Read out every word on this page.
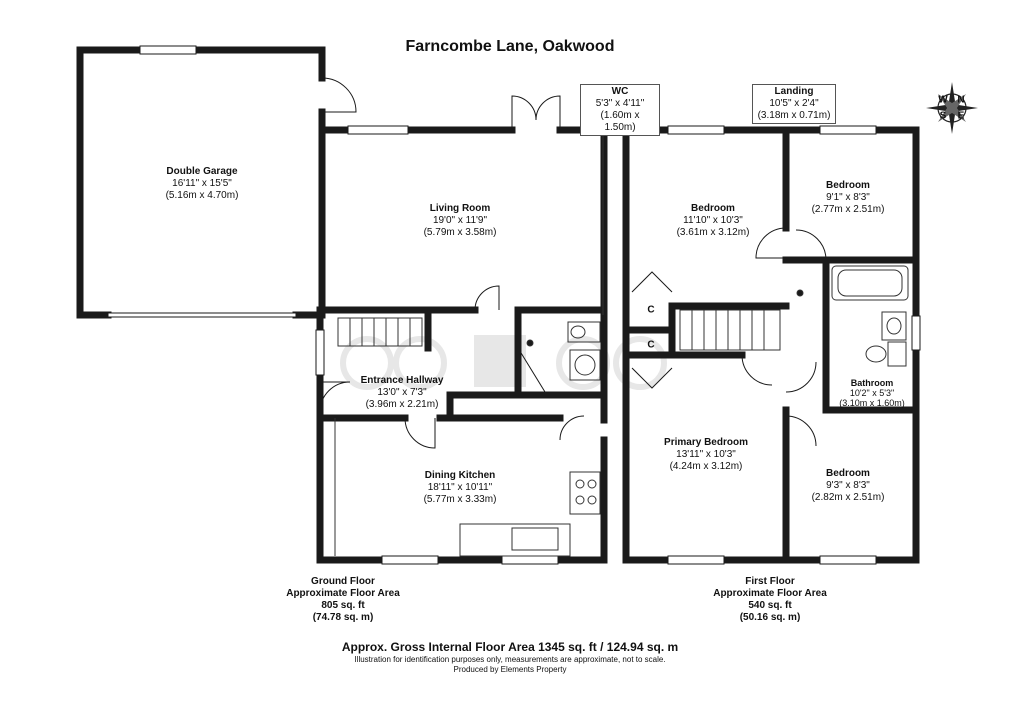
Farncombe Lane, Oakwood
N
S E
W
Double Garage
16'11" x 15'5"
(5.16m x 4.70m)
Living Room
19'0" x 11'9"
(5.79m x 3.58m)
Entrance Hallway
13'0" x 7'3"
(3.96m x 2.21m)
Dining Kitchen
18'11" x 10'11"
(5.77m x 3.33m)
WC
5'3" x 4'11"
(1.60m x 1.50m)
Landing
10'5" x 2'4"
(3.18m x 0.71m)
Bedroom
11'10" x 10'3"
(3.61m x 3.12m)
Bedroom
9'1" x 8'3"
(2.77m x 2.51m)
Bathroom
10'2" x 5'3"
(3.10m x 1.60m)
Primary Bedroom
13'11" x 10'3"
(4.24m x 3.12m)
Bedroom
9'3" x 8'3"
(2.82m x 2.51m)
C
C
Ground Floor
Approximate Floor Area
805 sq. ft
(74.78 sq. m)
First Floor
Approximate Floor Area
540 sq. ft
(50.16 sq. m)
Approx. Gross Internal Floor Area 1345 sq. ft / 124.94 sq. m
Illustration for identification purposes only, measurements are approximate, not to scale.
Produced by Elements Property
